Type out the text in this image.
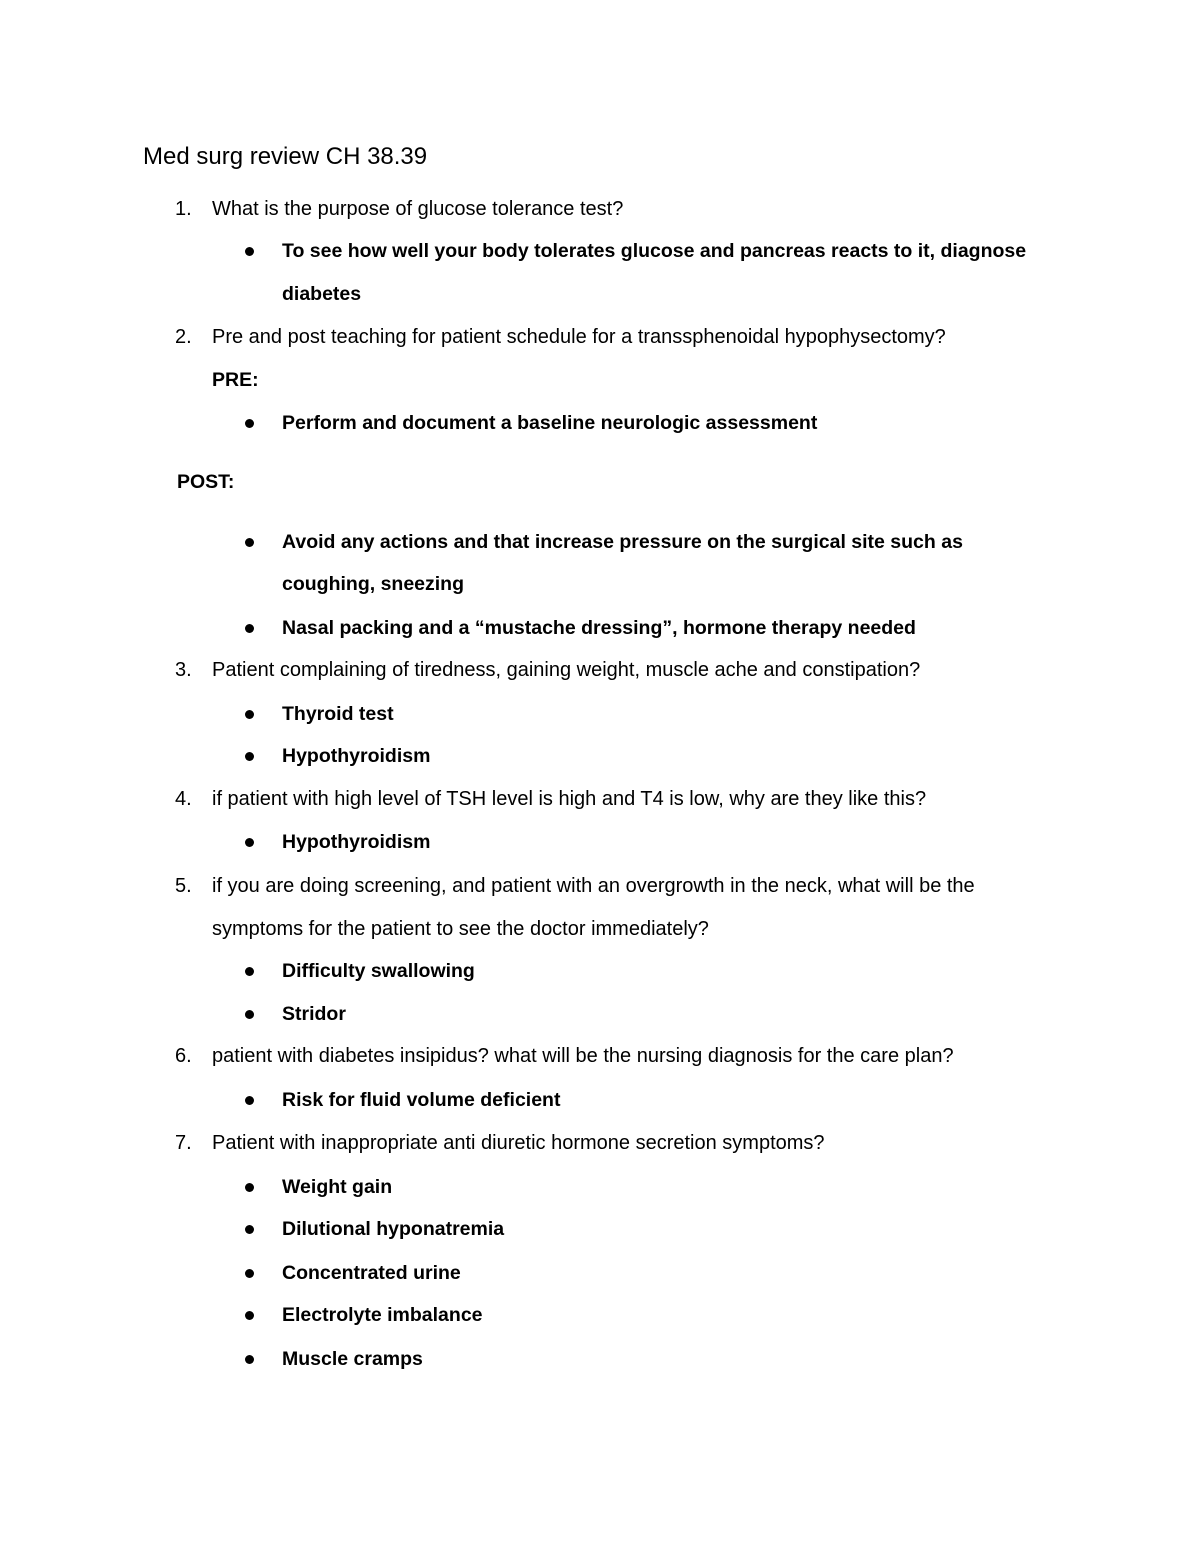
Med surg review CH 38.39
1. What is the purpose of glucose tolerance test?
To see how well your body tolerates glucose and pancreas reacts to it, diagnose
diabetes
2. Pre and post teaching for patient schedule for a transsphenoidal hypophysectomy?
PRE:
Perform and document a baseline neurologic assessment
POST:
Avoid any actions and that increase pressure on the surgical site such as
coughing, sneezing
Nasal packing and a “mustache dressing”, hormone therapy needed
3. Patient complaining of tiredness, gaining weight, muscle ache and constipation?
Thyroid test
Hypothyroidism
4. if patient with high level of TSH level is high and T4 is low, why are they like this?
Hypothyroidism
5. if you are doing screening, and patient with an overgrowth in the neck, what will be the
symptoms for the patient to see the doctor immediately?
Difficulty swallowing
Stridor
6. patient with diabetes insipidus? what will be the nursing diagnosis for the care plan?
Risk for fluid volume deficient
7. Patient with inappropriate anti diuretic hormone secretion symptoms?
Weight gain
Dilutional hyponatremia
Concentrated urine
Electrolyte imbalance
Muscle cramps
